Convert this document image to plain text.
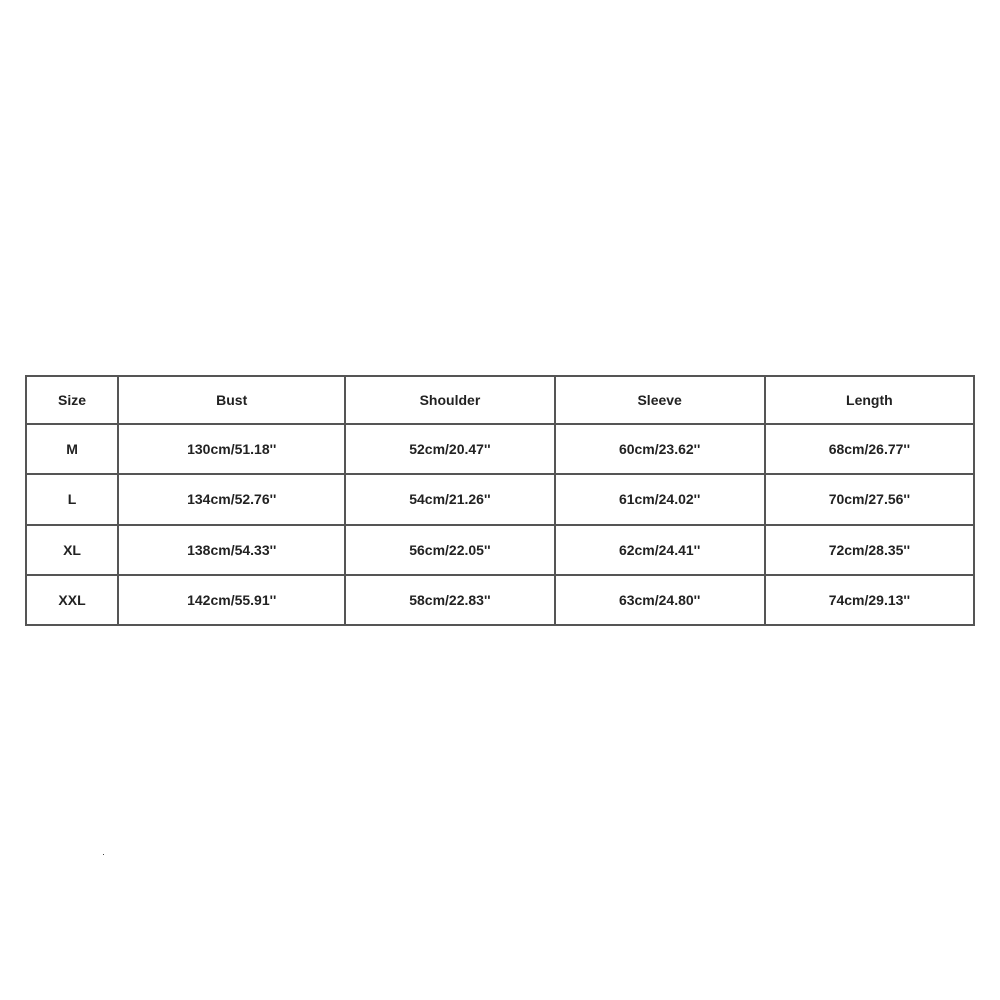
Size	Bust	Shoulder	Sleeve	Length
M	130cm/51.18''	52cm/20.47''	60cm/23.62''	68cm/26.77''
L	134cm/52.76''	54cm/21.26''	61cm/24.02''	70cm/27.56''
XL	138cm/54.33''	56cm/22.05''	62cm/24.41''	72cm/28.35''
XXL	142cm/55.91''	58cm/22.83''	63cm/24.80''	74cm/29.13''
